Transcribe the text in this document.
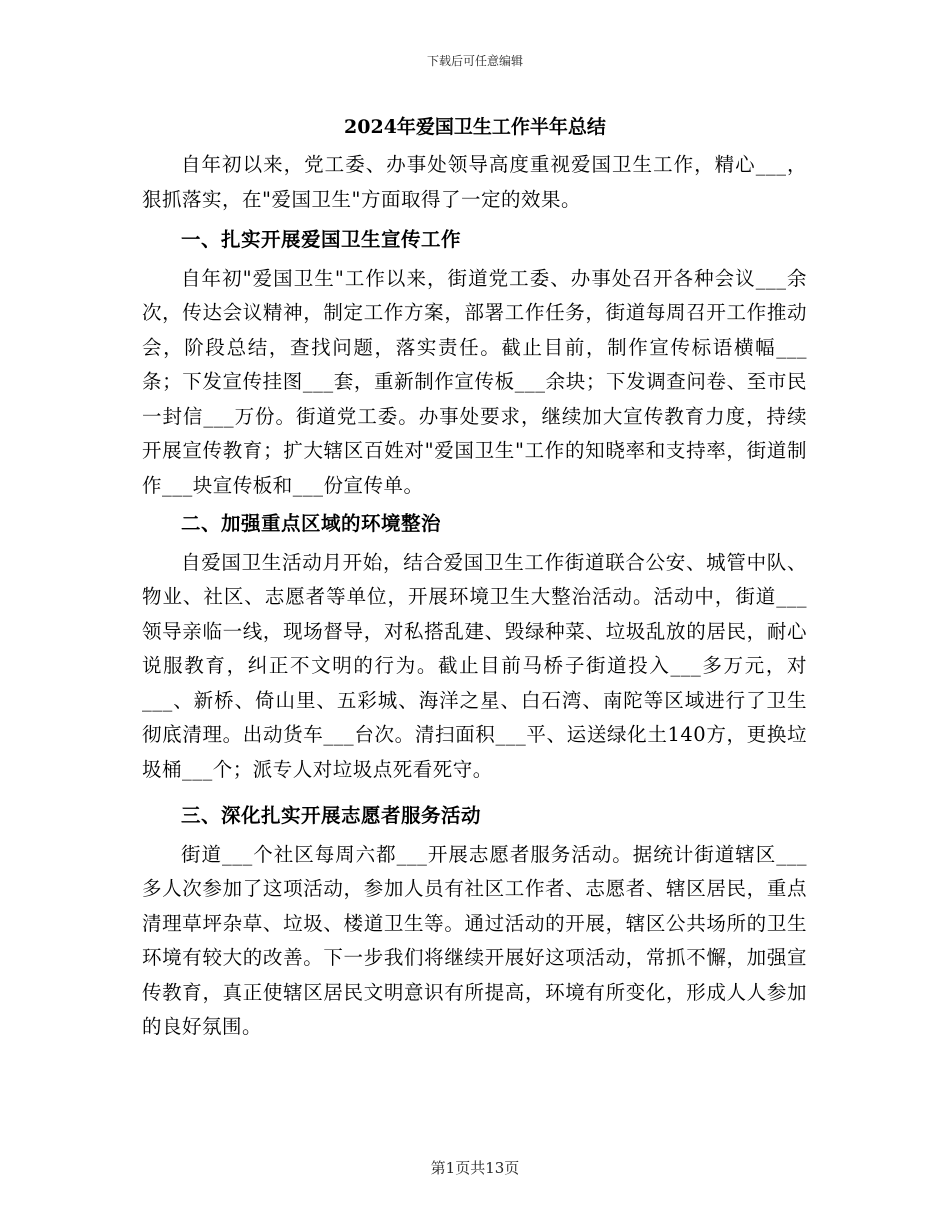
下载后可任意编辑
2024年爱国卫生工作半年总结

自年初以来，党工委、办事处领导高度重视爱国卫生工作，精心___，狠抓落实，在"爱国卫生"方面取得了一定的效果。

一、扎实开展爱国卫生宣传工作

自年初"爱国卫生"工作以来，街道党工委、办事处召开各种会议___余次，传达会议精神，制定工作方案，部署工作任务，街道每周召开工作推动会，阶段总结，查找问题，落实责任。截止目前，制作宣传标语横幅___条；下发宣传挂图___套，重新制作宣传板___余块；下发调查问卷、至市民一封信___万份。街道党工委。办事处要求，继续加大宣传教育力度，持续开展宣传教育；扩大辖区百姓对"爱国卫生"工作的知晓率和支持率，街道制作___块宣传板和___份宣传单。

二、加强重点区域的环境整治

自爱国卫生活动月开始，结合爱国卫生工作街道联合公安、城管中队、物业、社区、志愿者等单位，开展环境卫生大整治活动。活动中，街道___领导亲临一线，现场督导，对私搭乱建、毁绿种菜、垃圾乱放的居民，耐心说服教育，纠正不文明的行为。截止目前马桥子街道投入___多万元，对___、新桥、倚山里、五彩城、海洋之星、白石湾、南陀等区域进行了卫生彻底清理。出动货车___台次。清扫面积___平、运送绿化土140方，更换垃圾桶___个；派专人对垃圾点死看死守。

三、深化扎实开展志愿者服务活动

街道___个社区每周六都___开展志愿者服务活动。据统计街道辖区___多人次参加了这项活动，参加人员有社区工作者、志愿者、辖区居民，重点清理草坪杂草、垃圾、楼道卫生等。通过活动的开展，辖区公共场所的卫生环境有较大的改善。下一步我们将继续开展好这项活动，常抓不懈，加强宣传教育，真正使辖区居民文明意识有所提高，环境有所变化，形成人人参加的良好氛围。

第1页共13页
